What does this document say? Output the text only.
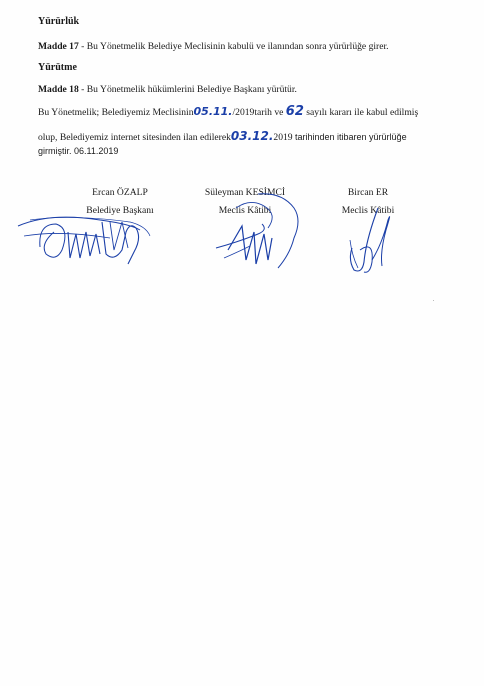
Yürürlük
Madde 17 - Bu Yönetmelik Belediye Meclisinin kabulü ve ilanından sonra yürürlüğe girer.
Yürütme
Madde 18 - Bu Yönetmelik hükümlerini Belediye Başkanı yürütür.
Bu Yönetmelik; Belediyemiz Meclisinin05.11./2019tarih ve 62 sayılı kararı ile kabul edilmiş
olup, Belediyemiz internet sitesinden ilan edilerek03.12.2019 tarihinden itibaren yürürlüğe
girmiştir. 06.11.2019
Ercan ÖZALP
Belediye Başkanı
Süleyman KESİMCİ
Meclis Kâtibi
Bircan ER
Meclis Kâtibi
